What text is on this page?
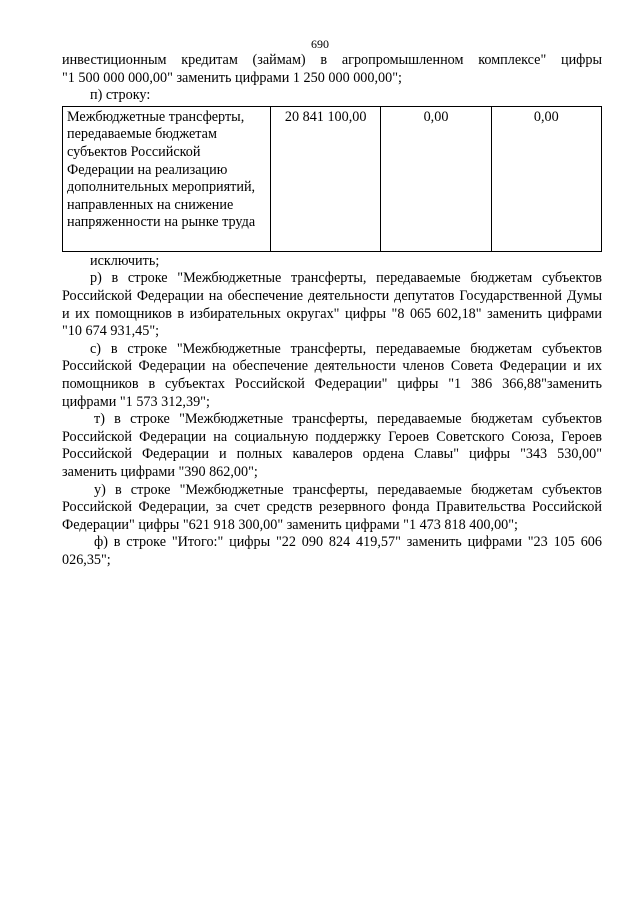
690

инвестиционным кредитам (займам) в агропромышленном комплексе" цифры
"1 500 000 000,00" заменить цифрами 1 250 000 000,00";

п) строку:

Межбюджетные трансферты, передаваемые бюджетам субъектов Российской Федерации на реализацию дополнительных мероприятий, направленных на снижение напряженности на рынке труда	20 841 100,00	0,00	0,00

исключить;

р) в строке "Межбюджетные трансферты, передаваемые бюджетам субъектов Российской Федерации на обеспечение деятельности депутатов Государственной Думы и их помощников в избирательных округах" цифры "8 065 602,18" заменить цифрами "10 674 931,45";

с) в строке "Межбюджетные трансферты, передаваемые бюджетам субъектов Российской Федерации на обеспечение деятельности членов Совета Федерации и их помощников в субъектах Российской Федерации" цифры "1 386 366,88"заменить цифрами "1 573 312,39";

т) в строке "Межбюджетные трансферты, передаваемые бюджетам субъектов Российской Федерации на социальную поддержку Героев Советского Союза, Героев Российской Федерации и полных кавалеров ордена Славы" цифры "343 530,00" заменить цифрами "390 862,00";

у) в строке "Межбюджетные трансферты, передаваемые бюджетам субъектов Российской Федерации, за счет средств резервного фонда Правительства Российской Федерации" цифры "621 918 300,00" заменить цифрами "1 473 818 400,00";

ф) в строке "Итого:" цифры "22 090 824 419,57" заменить цифрами "23 105 606 026,35";
